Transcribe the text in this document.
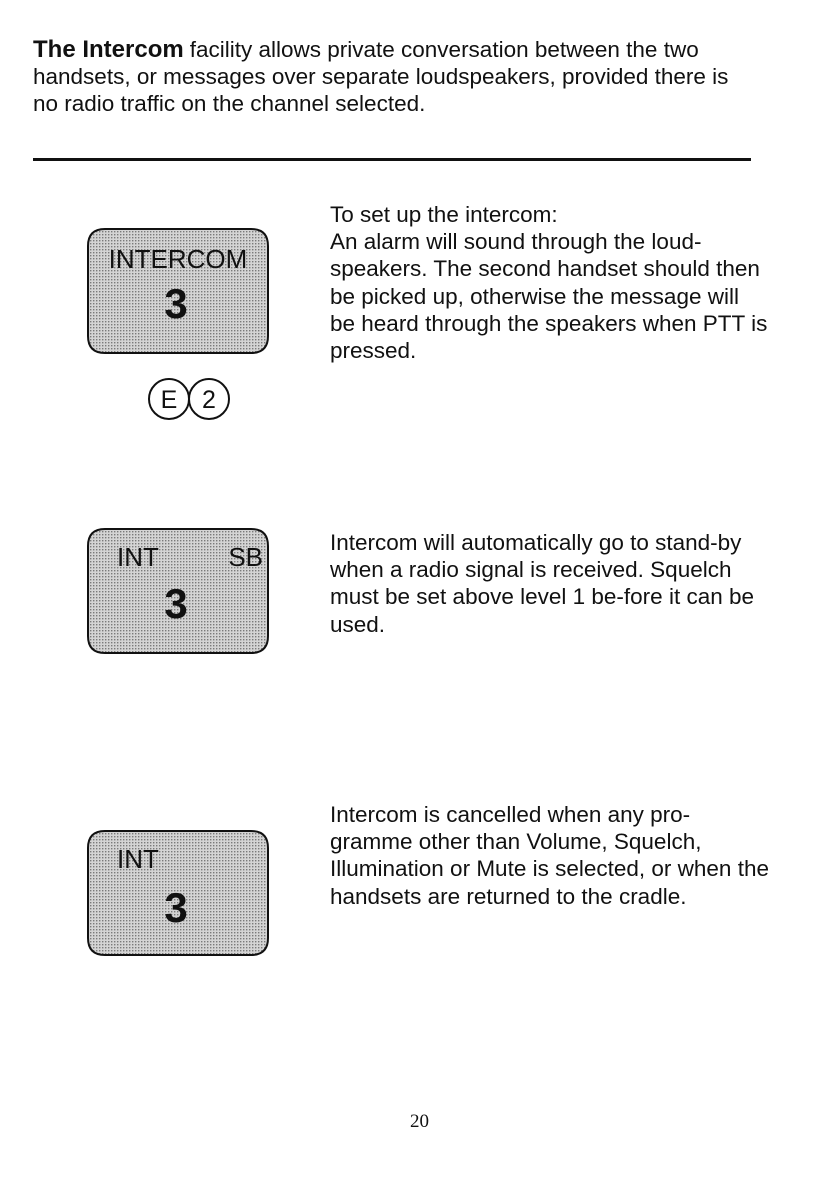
The Intercom facility allows private conversation between the two handsets, or messages over separate loudspeakers, provided there is no radio traffic on the channel selected.
INTERCOM
3
E 2

To set up the intercom:

An alarm will sound through the loud-speakers. The second handset should then be picked up, otherwise the message will be heard through the speakers when PTT is pressed.

INT	SB
3

Intercom will automatically go to stand-by when a radio signal is received. Squelch must be set above level 1 be-fore it can be used.

INT
3

Intercom is cancelled when any pro-gramme other than Volume, Squelch, Illumination or Mute is selected, or when the handsets are returned to the cradle.

20
